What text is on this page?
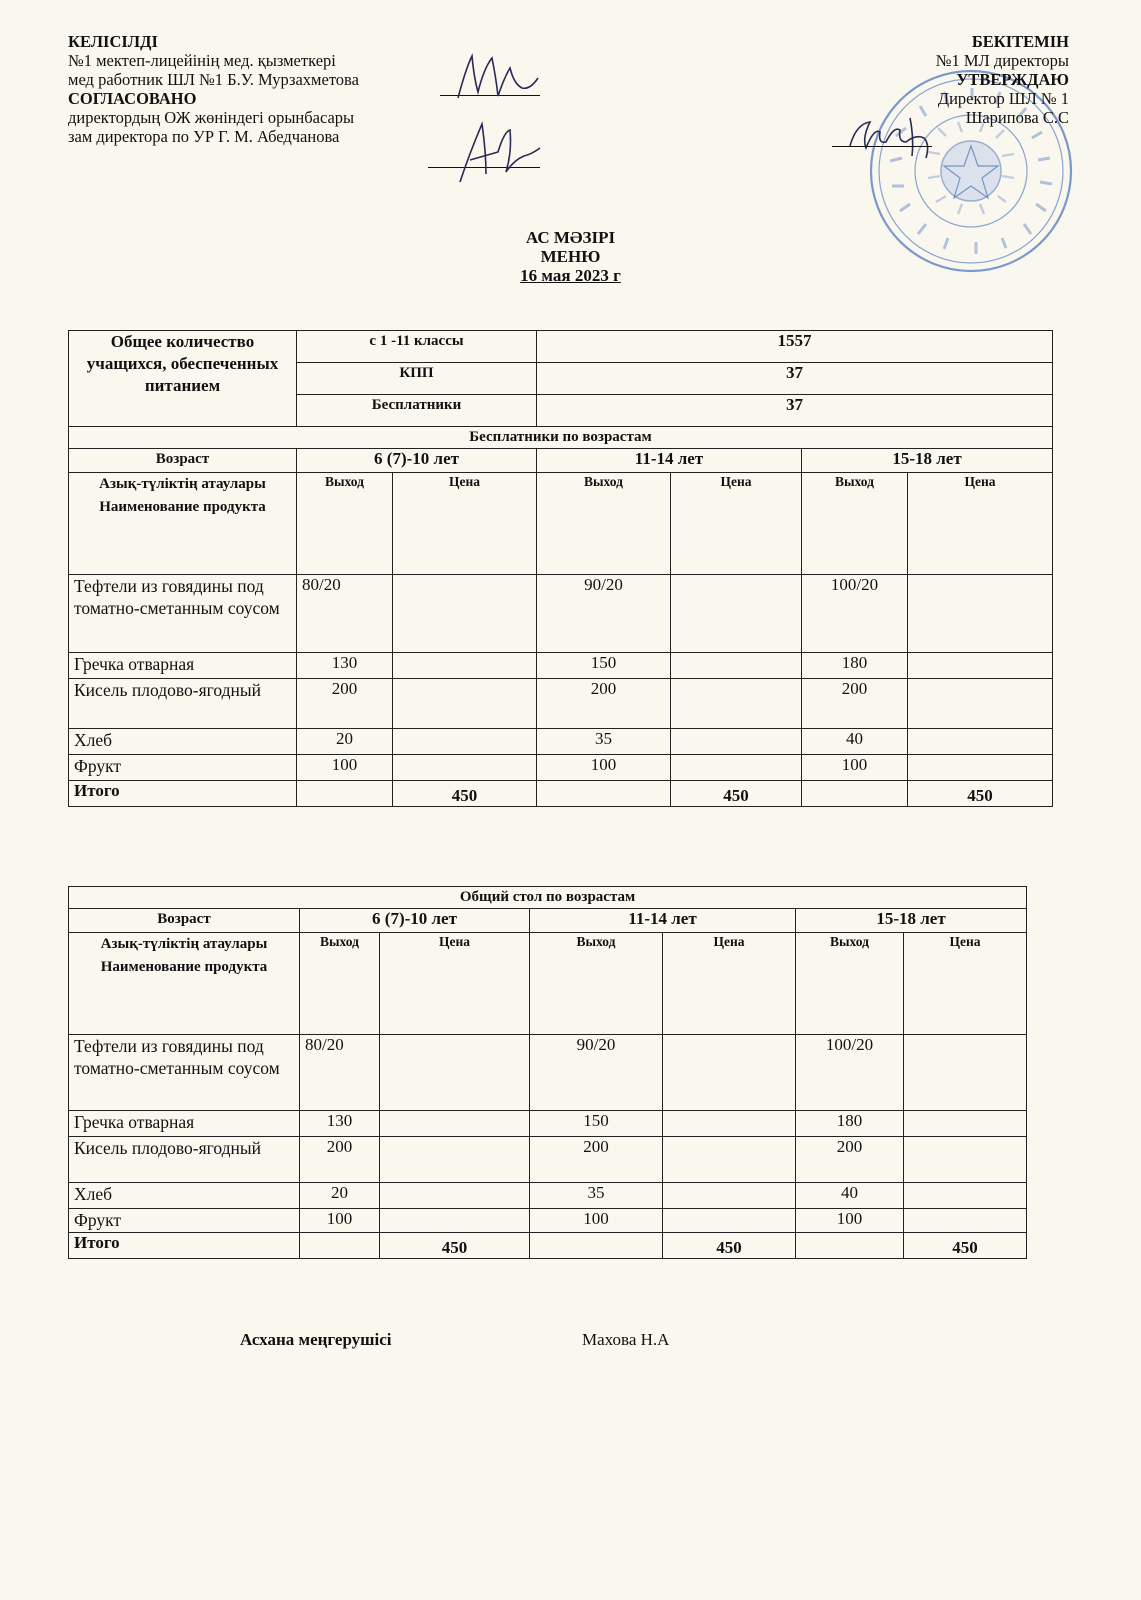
КЕЛІСІЛДІ
№1 мектеп-лицейінің мед. қызметкері
мед работник ШЛ №1 Б.У. Мурзахметова
СОГЛАСОВАНО
директордың ОЖ жөніндегі орынбасары
зам директора по УР Г. М. Абедчанова
БЕКІТЕМІН
№1 МЛ директоры
УТВЕРЖДАЮ
Директор ШЛ № 1
Шарипова С.С
АС МӘЗІРІ
МЕНЮ
16 мая 2023 г
Общее количество учащихся, обеспеченных питанием	с 1 -11 классы		1557			
	КПП		37			
	Бесплатники		37			
Бесплатники по возрастам						
Возраст	6 (7)-10 лет		11-14 лет		15-18 лет	
Азық-түліктің атаулары Наименование продукта	Выход	Цена	Выход	Цена	Выход	Цена
Тефтели из говядины под томатно-сметанным соусом	80/20		90/20		100/20	
Гречка отварная	130		150		180	
Кисель плодово-ягодный	200		200		200	
Хлеб	20		35		40	
Фрукт	100		100		100	
Итого		450		450		450
Общий стол по возрастам						
Возраст	6 (7)-10 лет		11-14 лет		15-18 лет	
Азық-түліктің атаулары Наименование продукта	Выход	Цена	Выход	Цена	Выход	Цена
Тефтели из говядины под томатно-сметанным соусом	80/20		90/20		100/20	
Гречка отварная	130		150		180	
Кисель плодово-ягодный	200		200		200	
Хлеб	20		35		40	
Фрукт	100		100		100	
Итого		450		450		450
Асхана меңгерушісі	Махова Н.А
